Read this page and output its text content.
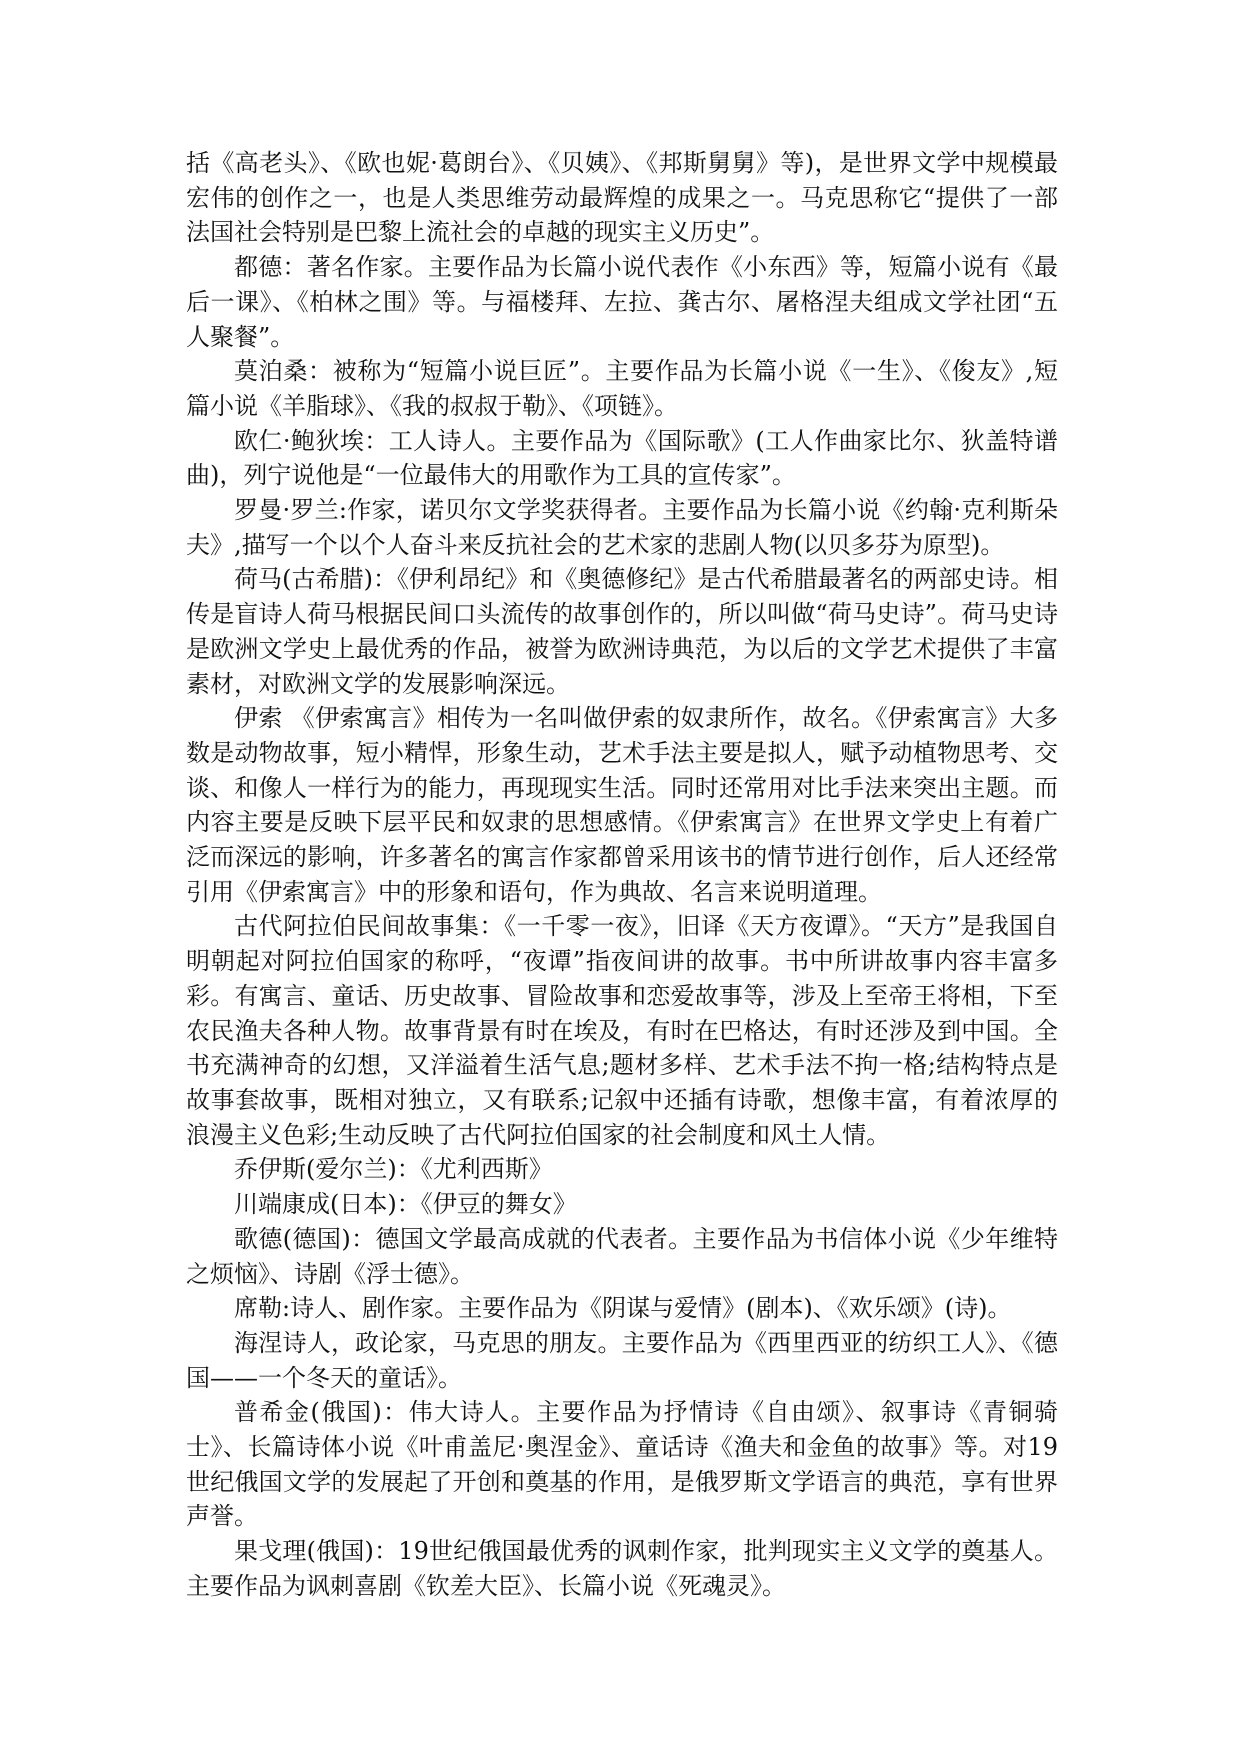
括《高老头》、《欧也妮·葛朗台》、《贝姨》、《邦斯舅舅》等)，是世界文学中规模最宏伟的创作之一，也是人类思维劳动最辉煌的成果之一。马克思称它“提供了一部法国社会特别是巴黎上流社会的卓越的现实主义历史”。

都德：著名作家。主要作品为长篇小说代表作《小东西》等，短篇小说有《最后一课》、《柏林之围》等。与福楼拜、左拉、龚古尔、屠格涅夫组成文学社团“五人聚餐”。

莫泊桑：被称为“短篇小说巨匠”。主要作品为长篇小说《一生》、《俊友》,短篇小说《羊脂球》、《我的叔叔于勒》、《项链》。

欧仁·鲍狄埃：工人诗人。主要作品为《国际歌》(工人作曲家比尔、狄盖特谱曲)，列宁说他是“一位最伟大的用歌作为工具的宣传家”。

罗曼·罗兰:作家，诺贝尔文学奖获得者。主要作品为长篇小说《约翰·克利斯朵夫》,描写一个以个人奋斗来反抗社会的艺术家的悲剧人物(以贝多芬为原型)。

荷马(古希腊)：《伊利昂纪》和《奥德修纪》是古代希腊最著名的两部史诗。相传是盲诗人荷马根据民间口头流传的故事创作的，所以叫做“荷马史诗”。荷马史诗是欧洲文学史上最优秀的作品，被誉为欧洲诗典范，为以后的文学艺术提供了丰富素材，对欧洲文学的发展影响深远。

伊索 《伊索寓言》相传为一名叫做伊索的奴隶所作，故名。《伊索寓言》大多数是动物故事，短小精悍，形象生动，艺术手法主要是拟人，赋予动植物思考、交谈、和像人一样行为的能力，再现现实生活。同时还常用对比手法来突出主题。而内容主要是反映下层平民和奴隶的思想感情。《伊索寓言》在世界文学史上有着广泛而深远的影响，许多著名的寓言作家都曾采用该书的情节进行创作，后人还经常引用《伊索寓言》中的形象和语句，作为典故、名言来说明道理。

古代阿拉伯民间故事集：《一千零一夜》，旧译《天方夜谭》。“天方”是我国自明朝起对阿拉伯国家的称呼，“夜谭”指夜间讲的故事。书中所讲故事内容丰富多彩。有寓言、童话、历史故事、冒险故事和恋爱故事等，涉及上至帝王将相，下至农民渔夫各种人物。故事背景有时在埃及，有时在巴格达，有时还涉及到中国。全书充满神奇的幻想，又洋溢着生活气息;题材多样、艺术手法不拘一格;结构特点是故事套故事，既相对独立，又有联系;记叙中还插有诗歌，想像丰富，有着浓厚的浪漫主义色彩;生动反映了古代阿拉伯国家的社会制度和风土人情。

乔伊斯(爱尔兰)：《尤利西斯》

川端康成(日本)：《伊豆的舞女》

歌德(德国)：德国文学最高成就的代表者。主要作品为书信体小说《少年维特之烦恼》、诗剧《浮士德》。

席勒:诗人、剧作家。主要作品为《阴谋与爱情》(剧本)、《欢乐颂》(诗)。

海涅诗人，政论家，马克思的朋友。主要作品为《西里西亚的纺织工人》、《德国——一个冬天的童话》。

普希金(俄国)：伟大诗人。主要作品为抒情诗《自由颂》、叙事诗《青铜骑士》、长篇诗体小说《叶甫盖尼·奥涅金》、童话诗《渔夫和金鱼的故事》等。对19世纪俄国文学的发展起了开创和奠基的作用，是俄罗斯文学语言的典范，享有世界声誉。

果戈理(俄国)：19世纪俄国最优秀的讽刺作家，批判现实主义文学的奠基人。主要作品为讽刺喜剧《钦差大臣》、长篇小说《死魂灵》。
